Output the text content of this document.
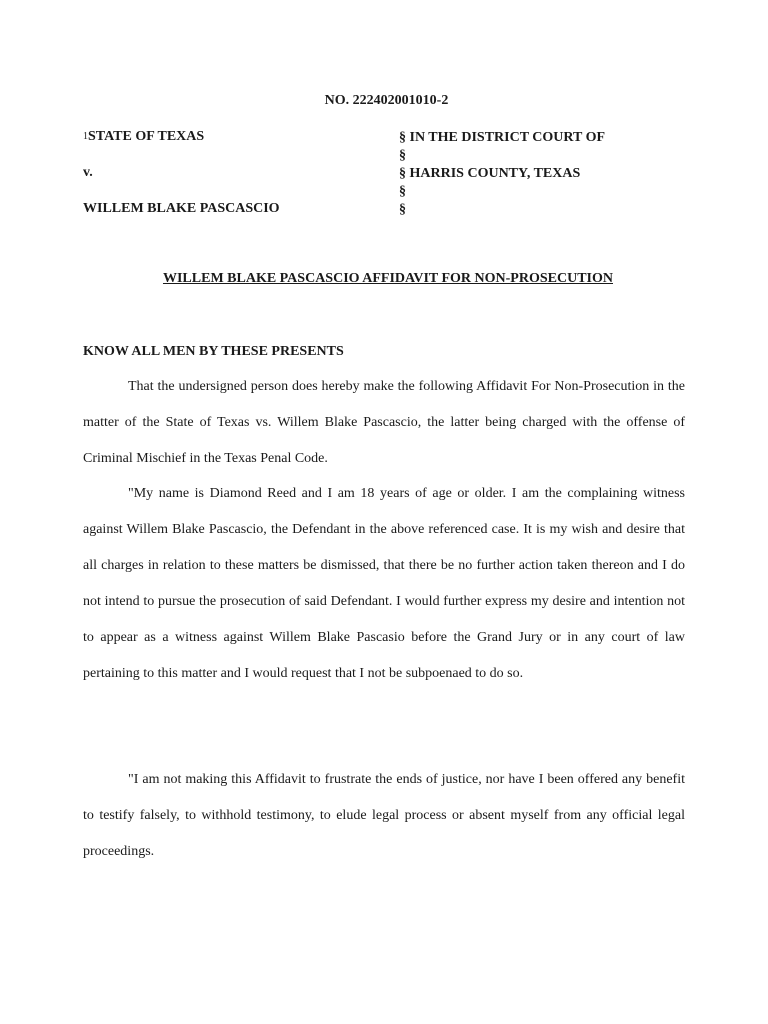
NO. 222402001010-2
1STATE OF TEXAS
v.
WILLEM BLAKE PASCASCIO
§ IN THE DISTRICT COURT OF
§
§ HARRIS COUNTY, TEXAS
§
§
WILLEM BLAKE PASCASCIO AFFIDAVIT FOR NON-PROSECUTION
KNOW ALL MEN BY THESE PRESENTS

That the undersigned person does hereby make the following Affidavit For Non-Prosecution in the matter of the State of Texas vs. Willem Blake Pascascio, the latter being charged with the offense of Criminal Mischief in the Texas Penal Code.

"My name is Diamond Reed and I am 18 years of age or older. I am the complaining witness against Willem Blake Pascascio, the Defendant in the above referenced case. It is my wish and desire that all charges in relation to these matters be dismissed, that there be no further action taken thereon and I do not intend to pursue the prosecution of said Defendant. I would further express my desire and intention not to appear as a witness against Willem Blake Pascasio before the Grand Jury or in any court of law pertaining to this matter and I would request that I not be subpoenaed to do so.

"I am not making this Affidavit to frustrate the ends of justice, nor have I been offered any benefit to testify falsely, to withhold testimony, to elude legal process or absent myself from any official legal proceedings.
